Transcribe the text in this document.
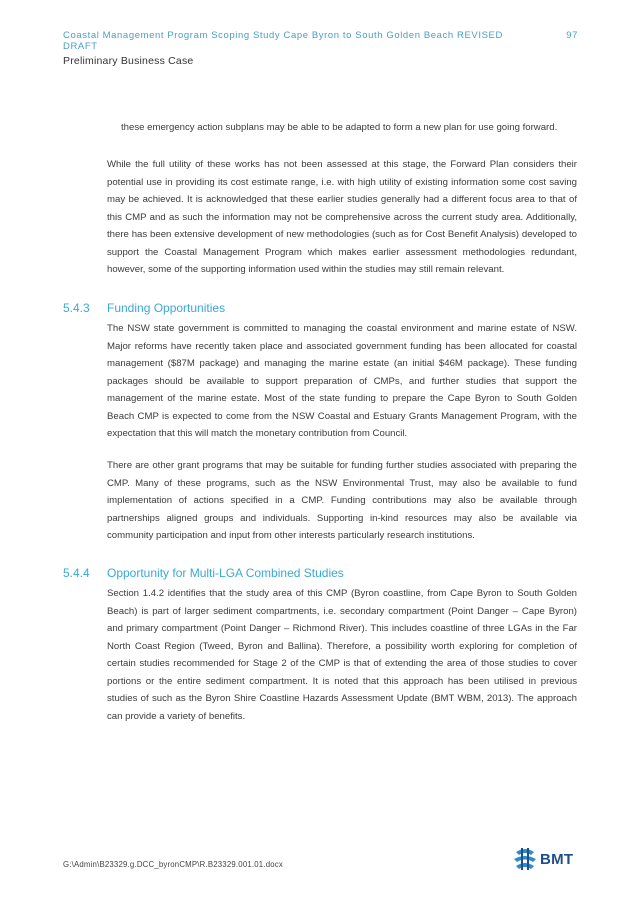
Coastal Management Program Scoping Study Cape Byron to South Golden Beach REVISED	97
DRAFT
Preliminary Business Case

these emergency action subplans may be able to be adapted to form a new plan for use going forward.

While the full utility of these works has not been assessed at this stage, the Forward Plan considers their potential use in providing its cost estimate range, i.e. with high utility of existing information some cost saving may be achieved. It is acknowledged that these earlier studies generally had a different focus area to that of this CMP and as such the information may not be comprehensive across the current study area. Additionally, there has been extensive development of new methodologies (such as for Cost Benefit Analysis) developed to support the Coastal Management Program which makes earlier assessment methodologies redundant, however, some of the supporting information used within the studies may still remain relevant.

5.4.3	Funding Opportunities

The NSW state government is committed to managing the coastal environment and marine estate of NSW. Major reforms have recently taken place and associated government funding has been allocated for coastal management ($87M package) and managing the marine estate (an initial $46M package). These funding packages should be available to support preparation of CMPs, and further studies that support the management of the marine estate. Most of the state funding to prepare the Cape Byron to South Golden Beach CMP is expected to come from the NSW Coastal and Estuary Grants Management Program, with the expectation that this will match the monetary contribution from Council.

There are other grant programs that may be suitable for funding further studies associated with preparing the CMP. Many of these programs, such as the NSW Environmental Trust, may also be available to fund implementation of actions specified in a CMP. Funding contributions may also be available through partnerships aligned groups and individuals. Supporting in-kind resources may also be available via community participation and input from other interests particularly research institutions.

5.4.4	Opportunity for Multi-LGA Combined Studies

Section 1.4.2 identifies that the study area of this CMP (Byron coastline, from Cape Byron to South Golden Beach) is part of larger sediment compartments, i.e. secondary compartment (Point Danger – Cape Byron) and primary compartment (Point Danger – Richmond River). This includes coastline of three LGAs in the Far North Coast Region (Tweed, Byron and Ballina). Therefore, a possibility worth exploring for completion of certain studies recommended for Stage 2 of the CMP is that of extending the area of those studies to cover portions or the entire sediment compartment. It is noted that this approach has been utilised in previous studies of such as the Byron Shire Coastline Hazards Assessment Update (BMT WBM, 2013). The approach can provide a variety of benefits.

G:\Admin\B23329.g.DCC_byronCMP\R.B23329.001.01.docx	BMT
